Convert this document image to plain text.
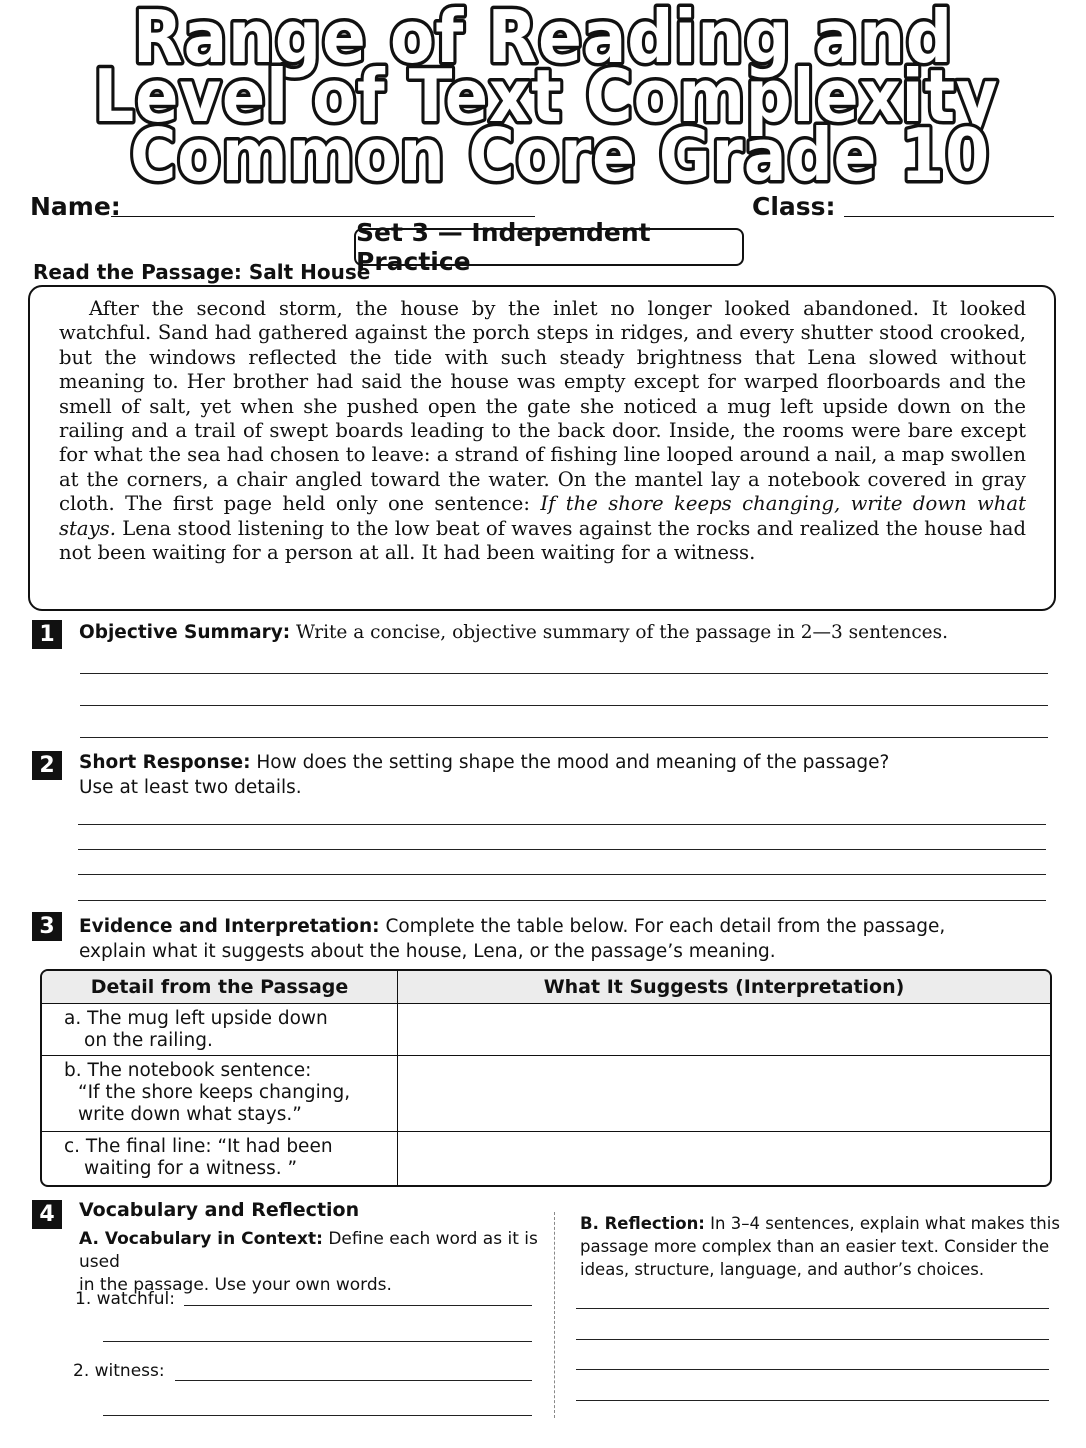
Range of Reading and
Level of Text Complexity
Common Core Grade 10
Name:	Class:
Set 3 — Independent Practice
Read the Passage: Salt House

After the second storm, the house by the inlet no longer looked abandoned. It looked watchful. Sand had gathered against the porch steps in ridges, and every shutter stood crooked, but the windows reflected the tide with such steady brightness that Lena slowed without meaning to. Her brother had said the house was empty except for warped floorboards and the smell of salt, yet when she pushed open the gate she noticed a mug left upside down on the railing and a trail of swept boards leading to the back door. Inside, the rooms were bare except for what the sea had chosen to leave: a strand of fishing line looped around a nail, a map swollen at the corners, a chair angled toward the water. On the mantel lay a notebook covered in gray cloth. The first page held only one sentence: If the shore keeps changing, write down what stays. Lena stood listening to the low beat of waves against the rocks and realized the house had not been waiting for a person at all. It had been waiting for a witness.

1	Objective Summary: Write a concise, objective summary of the passage in 2—3 sentences.
2	Short Response: How does the setting shape the mood and meaning of the passage?
Use at least two details.
3	Evidence and Interpretation: Complete the table below. For each detail from the passage,
explain what it suggests about the house, Lena, or the passage’s meaning.
Detail from the Passage	What It Suggests (Interpretation)

a. The mug left upside down
on the railing.	

b. The notebook sentence:
“If the shore keeps changing,
write down what stays.”	

c. The final line: “It had been
waiting for a witness. ”	

4	Vocabulary and Reflection
A. Vocabulary in Context: Define each word as it is used
in the passage. Use your own words.
1. watchful:
2. witness:
B. Reflection: In 3–4 sentences, explain what makes this
passage more complex than an easier text. Consider the
ideas, structure, language, and author’s choices.
